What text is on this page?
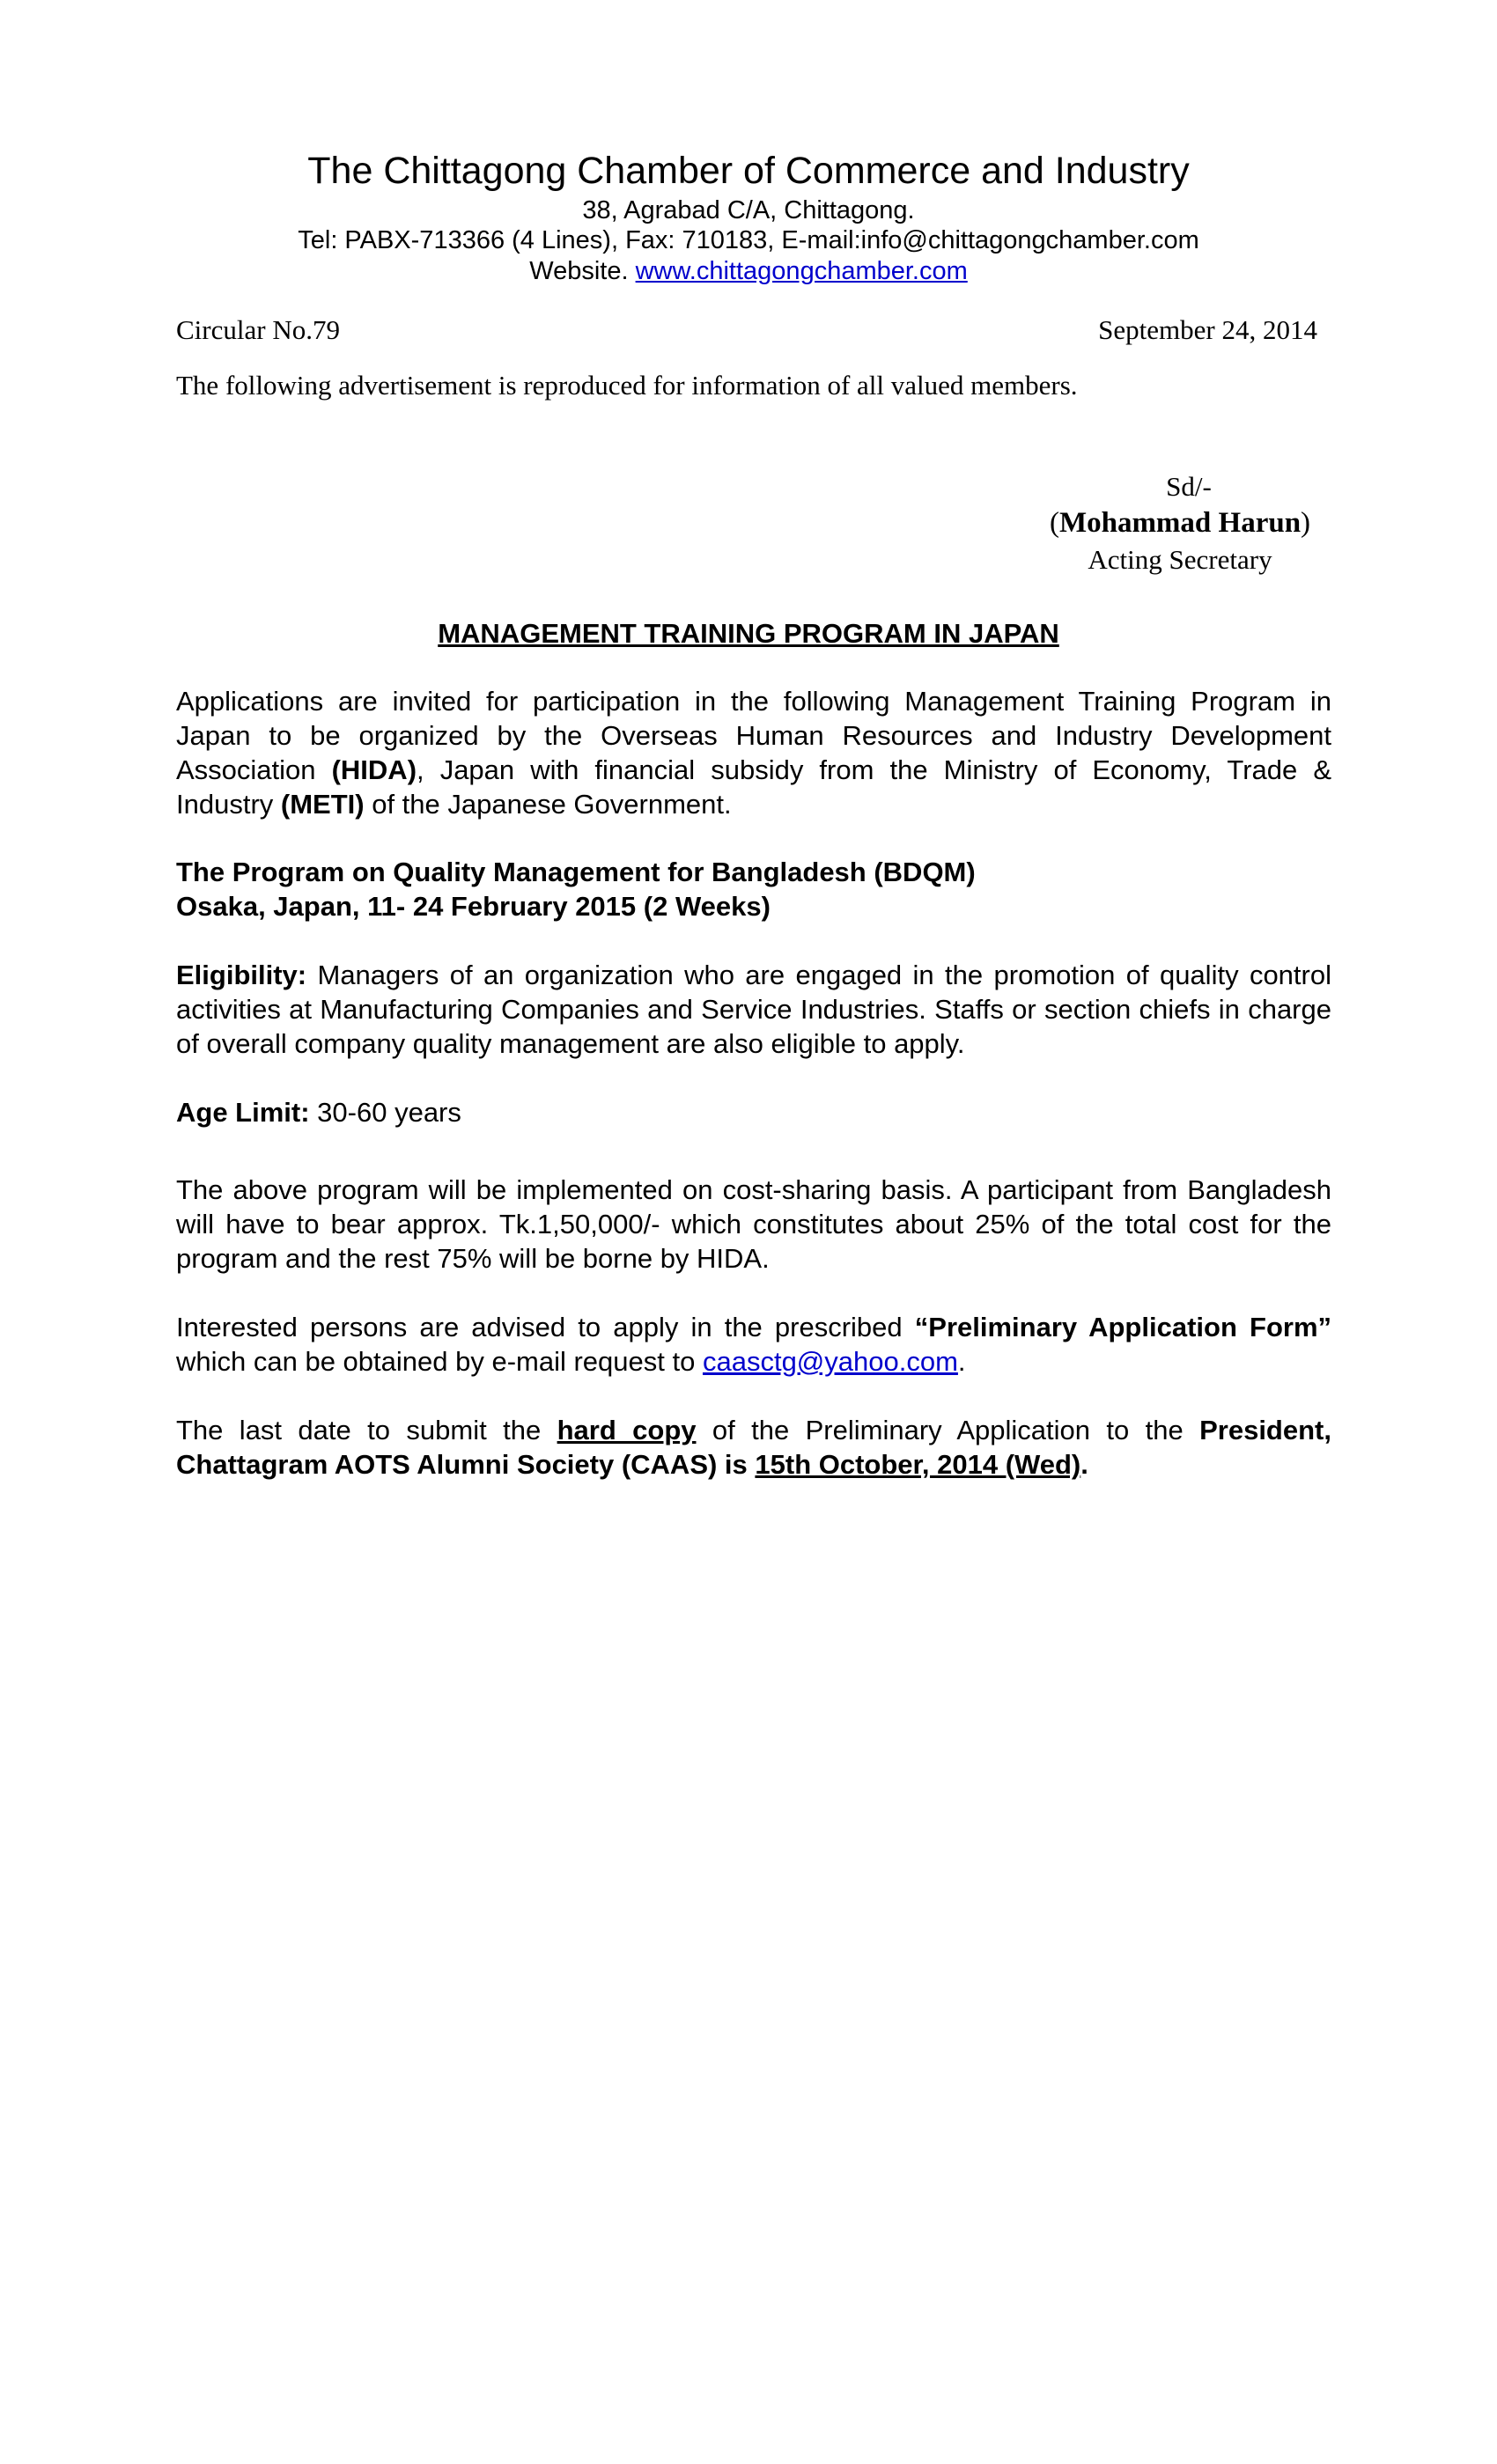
The Chittagong Chamber of Commerce and Industry
38, Agrabad C/A, Chittagong.
Tel: PABX-713366 (4 Lines), Fax: 710183, E-mail:info@chittagongchamber.com
Website. www.chittagongchamber.com
Circular No.79	September 24, 2014
The following advertisement is reproduced for information of all valued members.
Sd/-
(Mohammad Harun)
Acting Secretary
MANAGEMENT TRAINING PROGRAM IN JAPAN
Applications are invited for participation in the following Management Training Program in Japan to be organized by the Overseas Human Resources and Industry Development Association (HIDA), Japan with financial subsidy from the Ministry of Economy, Trade & Industry (METI) of the Japanese Government.
The Program on Quality Management for Bangladesh (BDQM)
Osaka, Japan, 11- 24 February 2015 (2 Weeks)
Eligibility: Managers of an organization who are engaged in the promotion of quality control activities at Manufacturing Companies and Service Industries. Staffs or section chiefs in charge of overall company quality management are also eligible to apply.
Age Limit: 30-60 years
The above program will be implemented on cost-sharing basis. A participant from Bangladesh will have to bear approx. Tk.1,50,000/- which constitutes about 25% of the total cost for the program and the rest 75% will be borne by HIDA.
Interested persons are advised to apply in the prescribed “Preliminary Application Form” which can be obtained by e-mail request to caasctg@yahoo.com.
The last date to submit the hard copy of the Preliminary Application to the President, Chattagram AOTS Alumni Society (CAAS) is 15th October, 2014 (Wed).
